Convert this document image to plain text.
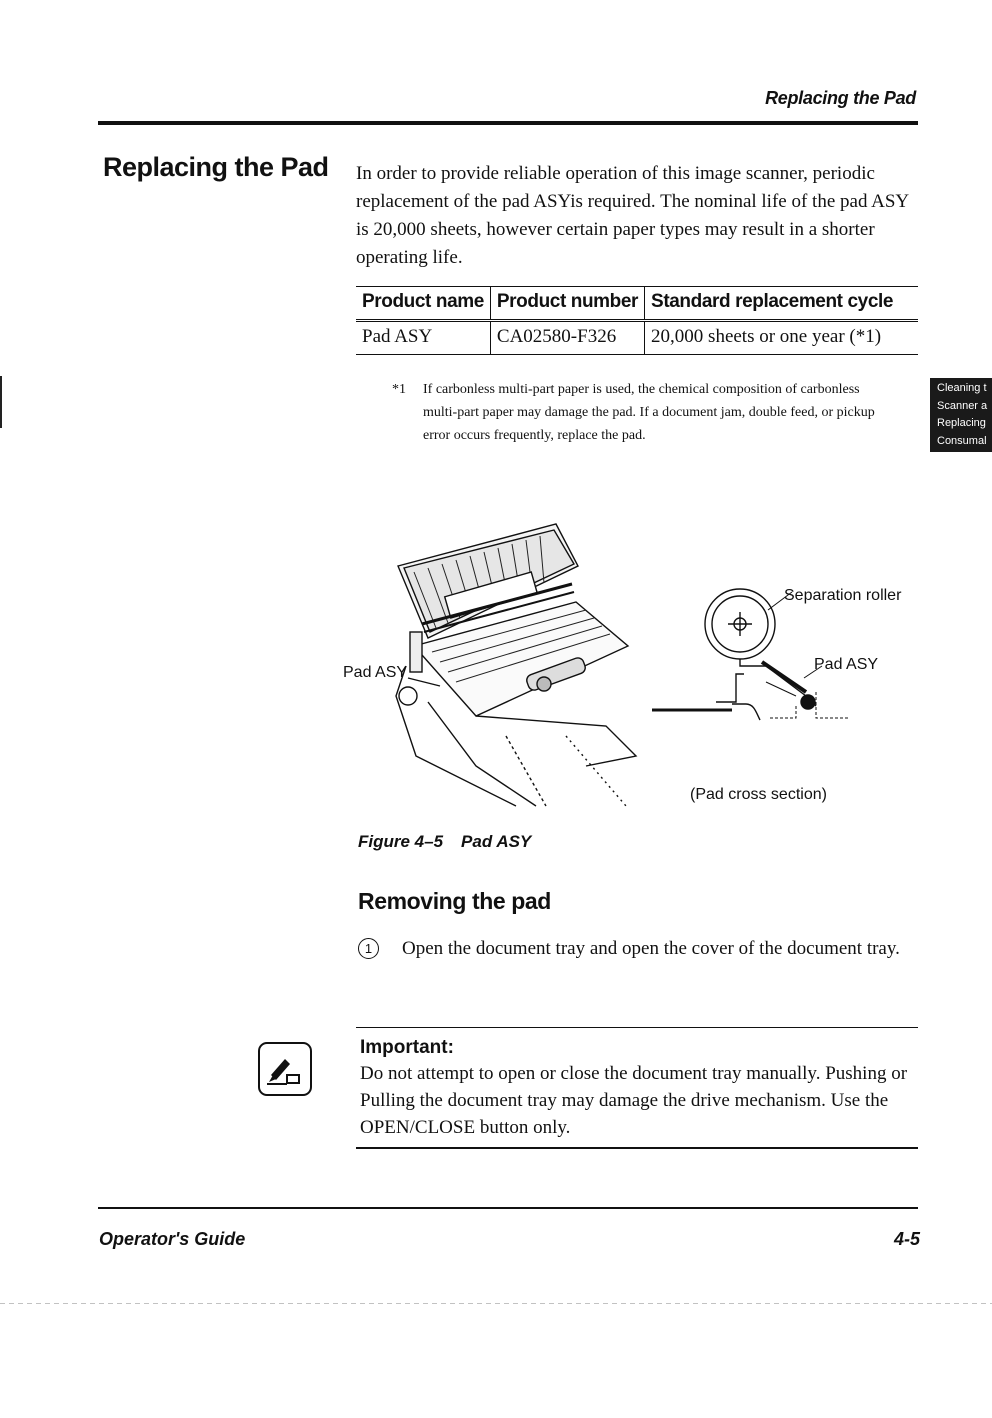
Replacing the Pad
Replacing the Pad In order to provide reliable operation of this image scanner, periodic replacement of the pad ASYis required. The nominal life of the pad ASY is 20,000 sheets, however certain paper types may result in a shorter operating life.
Product name	Product number	Standard replacement cycle
Pad ASY	CA02580-F326	20,000 sheets or one year (*1)
*1	If carbonless multi-part paper is used, the chemical composition of carbonless multi-part paper may damage the pad. If a document jam, double feed, or pickup error occurs frequently, replace the pad.
Cleaning t
Scanner a
Replacing
Consumal
Pad ASY
Separation roller
Pad ASY
(Pad cross section)
Figure 4–5 Pad ASY
Removing the pad
1	Open the document tray and open the cover of the document tray.
Important:
Do not attempt to open or close the document tray manually. Pushing or Pulling the document tray may damage the drive mechanism. Use the OPEN/CLOSE button only.
Operator's Guide	4-5
